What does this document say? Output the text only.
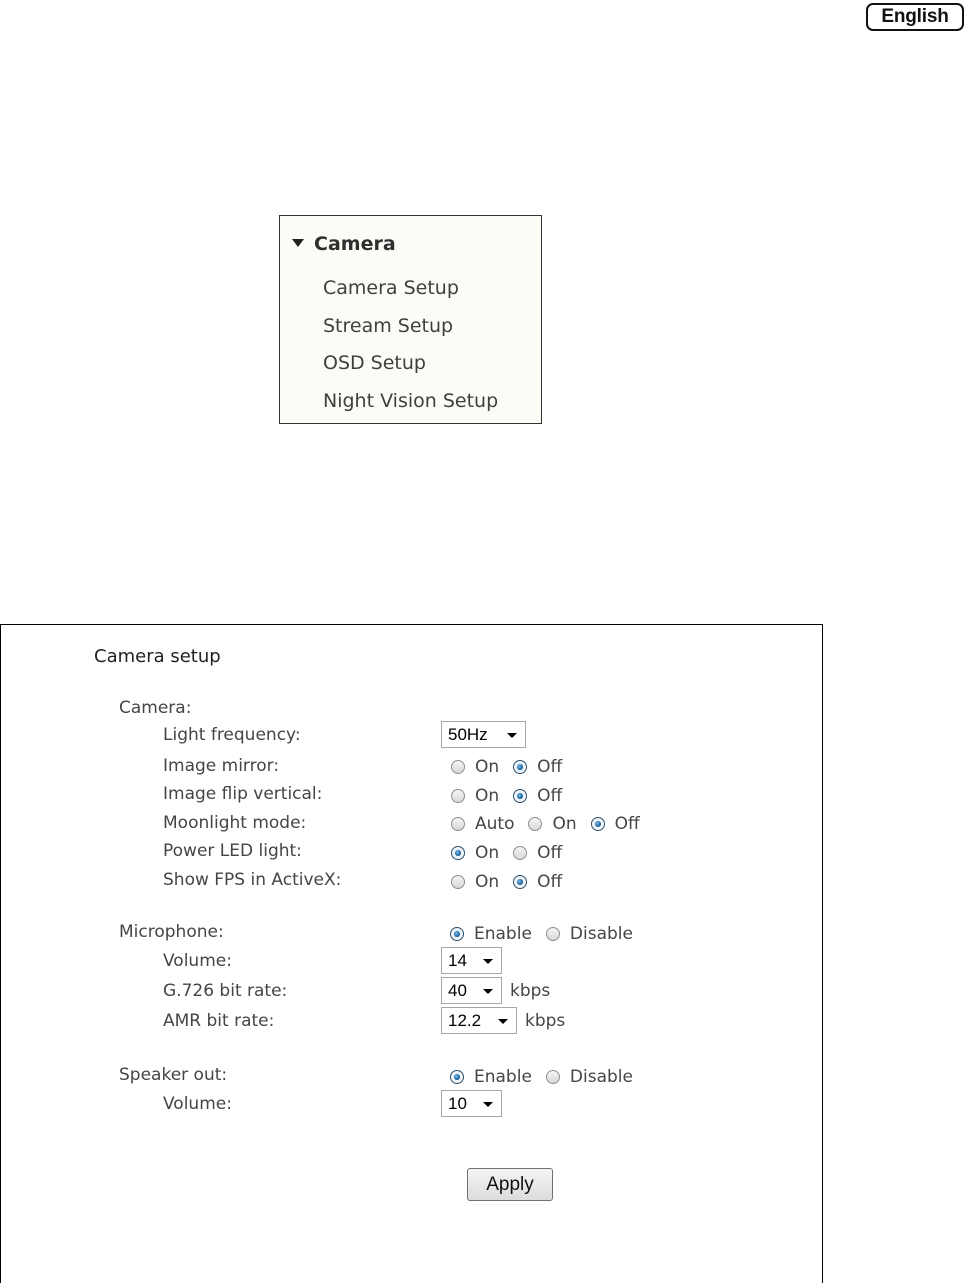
English
Camera
Camera Setup
Stream Setup
OSD Setup
Night Vision Setup
Camera setup
Camera:
Light frequency:	50Hz
Image mirror:	On Off
Image flip vertical:	On Off
Moonlight mode:	Auto On Off
Power LED light:	On Off
Show FPS in ActiveX:	On Off
Microphone:	Enable Disable
Volume:	14
G.726 bit rate:	40	kbps
AMR bit rate:	12.2	kbps
Speaker out:	Enable Disable
Volume:	10
Apply
